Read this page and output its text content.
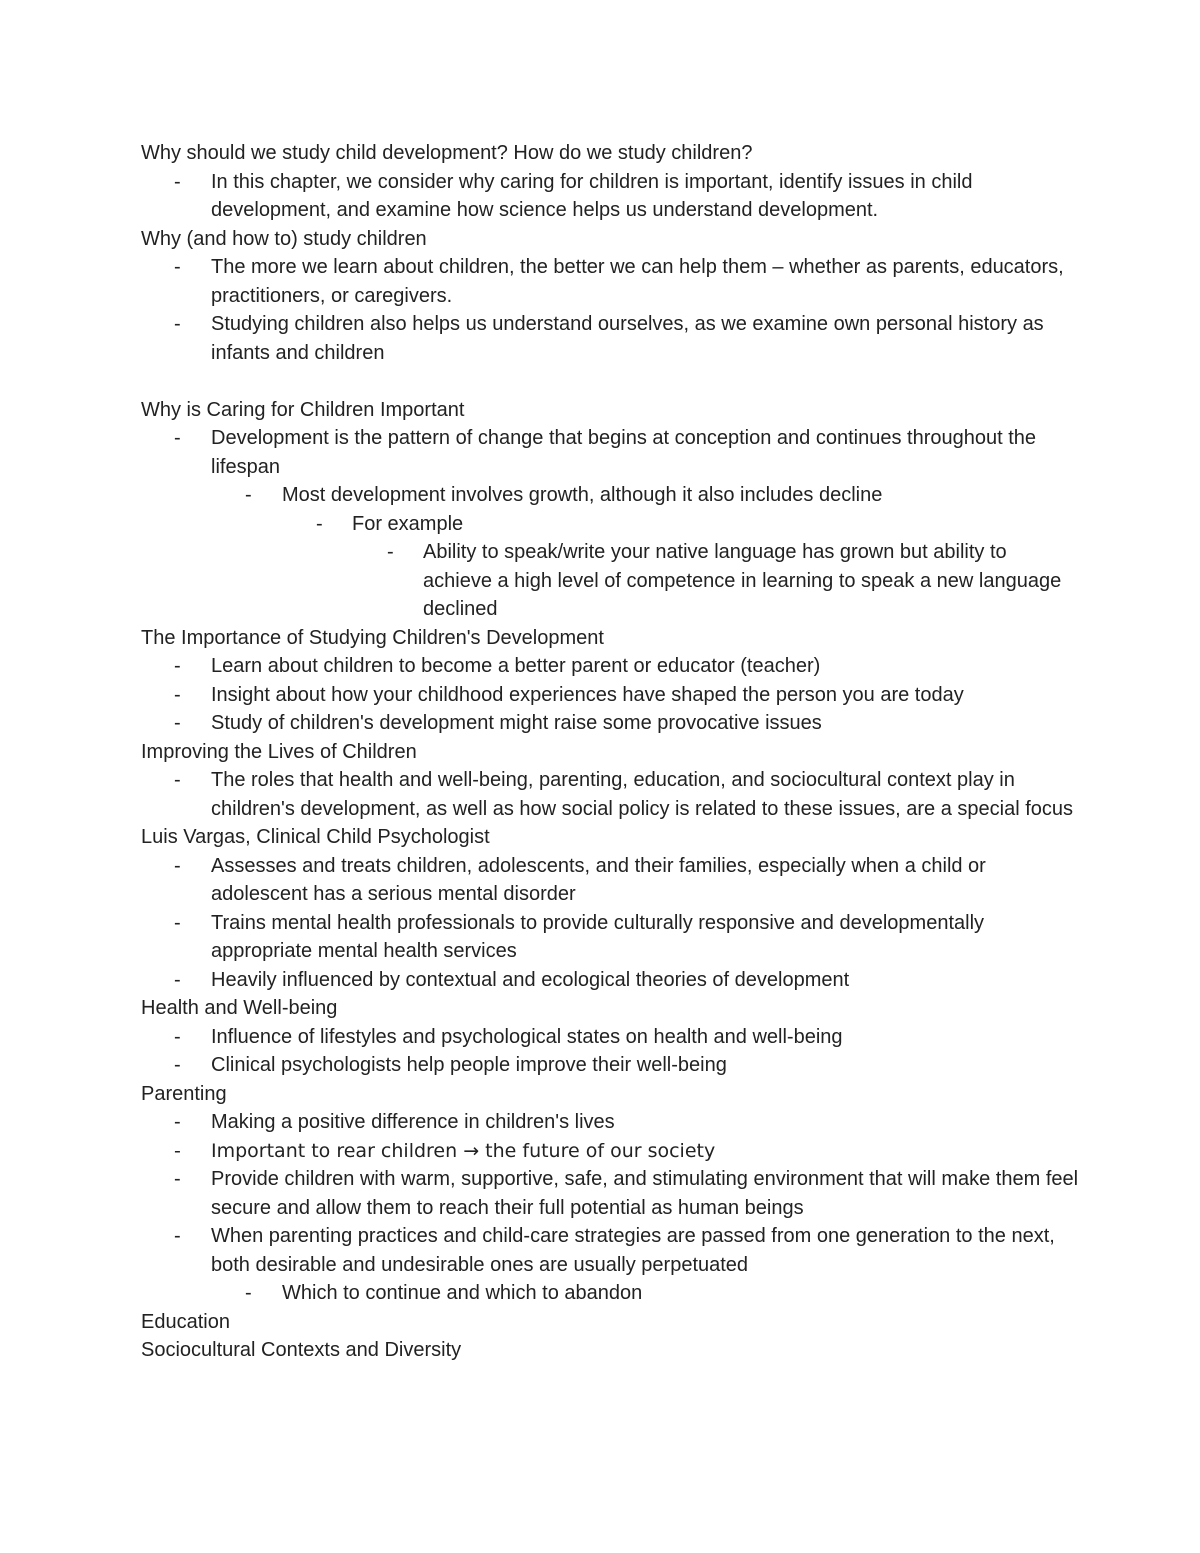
Why should we study child development? How do we study children?
-	In this chapter, we consider why caring for children is important, identify issues in child development, and examine how science helps us understand development.
Why (and how to) study children
-	The more we learn about children, the better we can help them – whether as parents, educators, practitioners, or caregivers.
-	Studying children also helps us understand ourselves, as we examine own personal history as infants and children
Why is Caring for Children Important
-	Development is the pattern of change that begins at conception and continues throughout the lifespan
-	Most development involves growth, although it also includes decline
-	For example
-	Ability to speak/write your native language has grown but ability to achieve a high level of competence in learning to speak a new language declined
The Importance of Studying Children's Development
-	Learn about children to become a better parent or educator (teacher)
-	Insight about how your childhood experiences have shaped the person you are today
-	Study of children's development might raise some provocative issues
Improving the Lives of Children
-	The roles that health and well-being, parenting, education, and sociocultural context play in children's development, as well as how social policy is related to these issues, are a special focus
Luis Vargas, Clinical Child Psychologist
-	Assesses and treats children, adolescents, and their families, especially when a child or adolescent has a serious mental disorder
-	Trains mental health professionals to provide culturally responsive and developmentally appropriate mental health services
-	Heavily influenced by contextual and ecological theories of development
Health and Well-being
-	Influence of lifestyles and psychological states on health and well-being
-	Clinical psychologists help people improve their well-being
Parenting
-	Making a positive difference in children's lives
-	Important to rear children → the future of our society
-	Provide children with warm, supportive, safe, and stimulating environment that will make them feel secure and allow them to reach their full potential as human beings
-	When parenting practices and child-care strategies are passed from one generation to the next, both desirable and undesirable ones are usually perpetuated
-	Which to continue and which to abandon
Education
Sociocultural Contexts and Diversity
